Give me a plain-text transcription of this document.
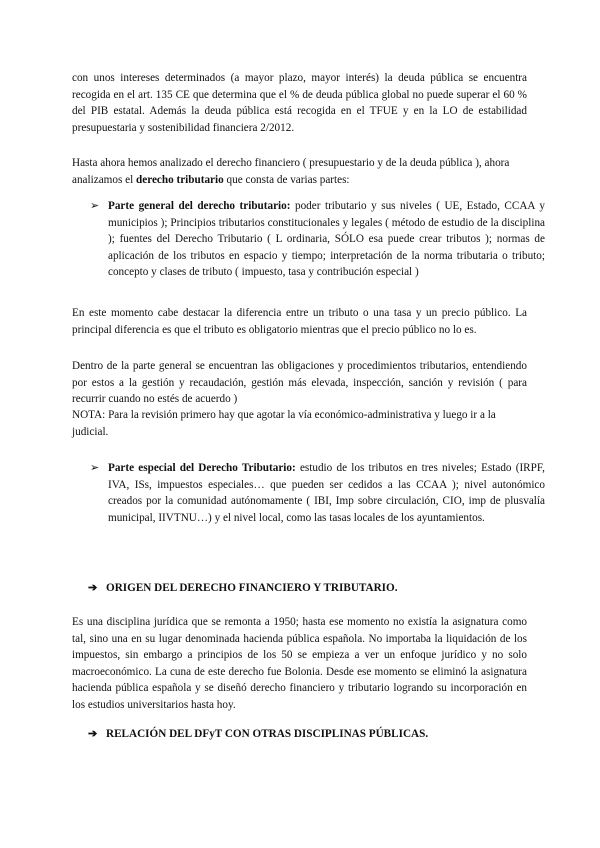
con unos intereses determinados (a mayor plazo, mayor interés) la deuda pública se encuentra recogida en el art. 135 CE que determina que el % de deuda pública global no puede superar el 60 % del PIB estatal. Además la deuda pública está recogida en el TFUE y en la LO de estabilidad presupuestaria y sostenibilidad financiera 2/2012.

Hasta ahora hemos analizado el derecho financiero ( presupuestario y de la deuda pública ), ahora analizamos el derecho tributario que consta de varias partes:

➢ Parte general del derecho tributario: poder tributario y sus niveles ( UE, Estado, CCAA y municipios ); Principios tributarios constitucionales y legales ( método de estudio de la disciplina ); fuentes del Derecho Tributario ( L ordinaria, SÓLO esa puede crear tributos ); normas de aplicación de los tributos en espacio y tiempo; interpretación de la norma tributaria o tributo; concepto y clases de tributo ( impuesto, tasa y contribución especial )

En este momento cabe destacar la diferencia entre un tributo o una tasa y un precio público. La principal diferencia es que el tributo es obligatorio mientras que el precio público no lo es.

Dentro de la parte general se encuentran las obligaciones y procedimientos tributarios, entendiendo por estos a la gestión y recaudación, gestión más elevada, inspección, sanción y revisión ( para recurrir cuando no estés de acuerdo )

NOTA: Para la revisión primero hay que agotar la vía económico-administrativa y luego ir a la judicial.

➢ Parte especial del Derecho Tributario: estudio de los tributos en tres niveles; Estado (IRPF, IVA, ISs, impuestos especiales… que pueden ser cedidos a las CCAA ); nivel autonómico creados por la comunidad autónomamente ( IBI, Imp sobre circulación, CIO, imp de plusvalía municipal, IIVTNU…) y el nivel local, como las tasas locales de los ayuntamientos.
➔ ORIGEN DEL DERECHO FINANCIERO Y TRIBUTARIO.

Es una disciplina jurídica que se remonta a 1950; hasta ese momento no existía la asignatura como tal, sino una en su lugar denominada hacienda pública española. No importaba la liquidación de los impuestos, sin embargo a principios de los 50 se empieza a ver un enfoque jurídico y no solo macroeconómico. La cuna de este derecho fue Bolonia. Desde ese momento se eliminó la asignatura hacienda pública española y se diseñó derecho financiero y tributario logrando su incorporación en los estudios universitarios hasta hoy.

➔ RELACIÓN DEL DFyT CON OTRAS DISCIPLINAS PÚBLICAS.
